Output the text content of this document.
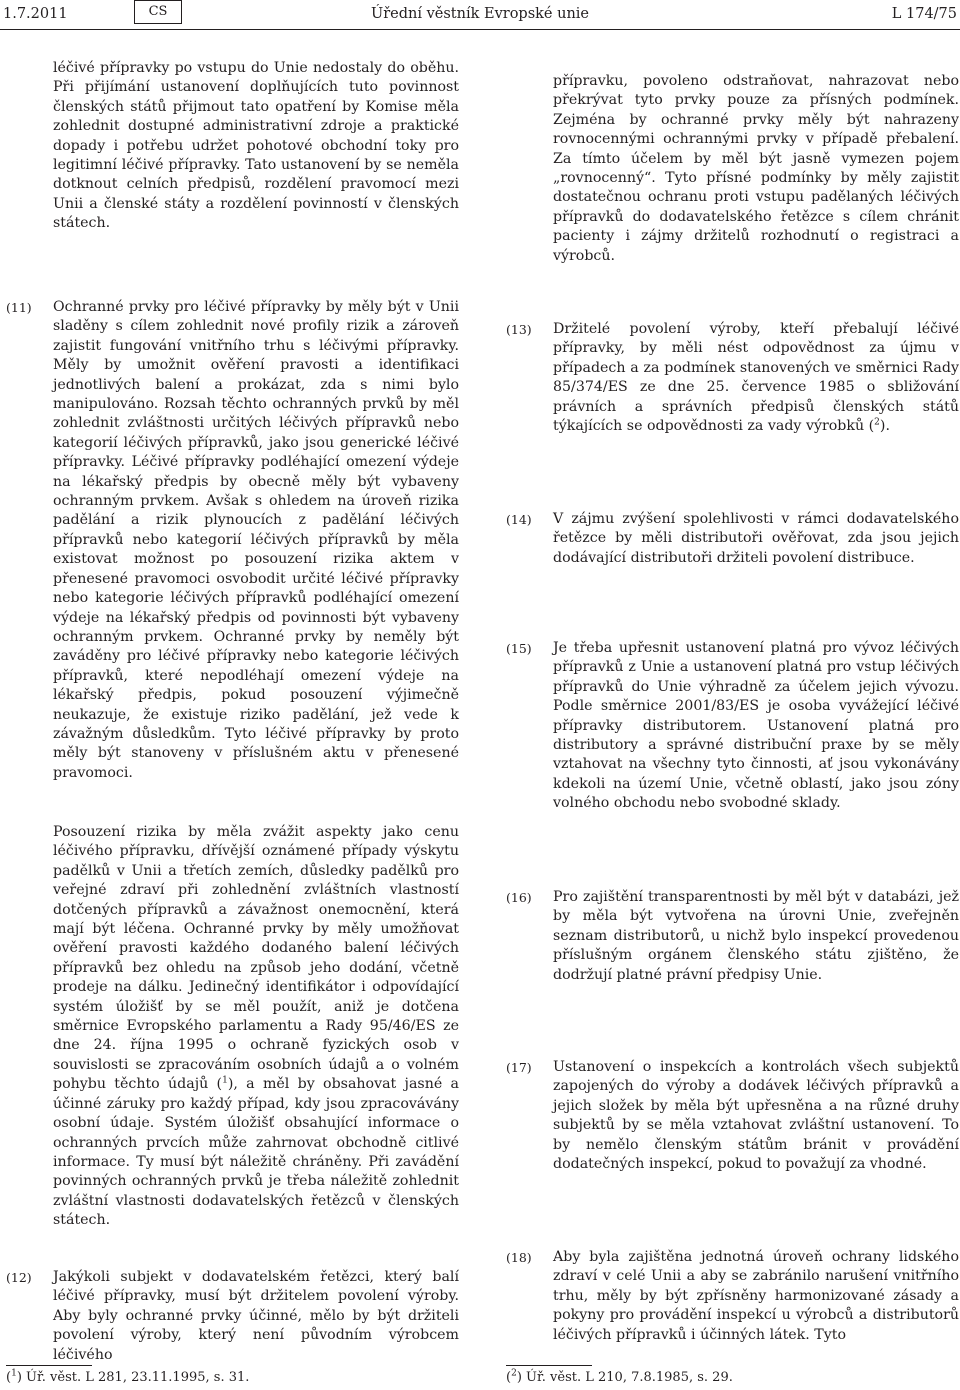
1.7.2011	CS	Úřední věstník Evropské unie	L 174/75
léčivé přípravky po vstupu do Unie nedostaly do oběhu. Při přijímání ustanovení doplňujících tuto povinnost členských států přijmout tato opatření by Komise měla zohlednit dostupné administrativní zdroje a praktické dopady i potřebu udržet pohotové obchodní toky pro legitimní léčivé přípravky. Tato ustanovení by se neměla dotknout celních předpisů, rozdělení pravomocí mezi Unii a členské státy a rozdělení povinností v členských státech.
(11) Ochranné prvky pro léčivé přípravky by měly být v Unii sladěny s cílem zohlednit nové profily rizik a zároveň zajistit fungování vnitřního trhu s léčivými přípravky. Měly by umožnit ověření pravosti a identifikaci jednotlivých balení a prokázat, zda s nimi bylo manipulováno. Rozsah těchto ochranných prvků by měl zohlednit zvláštnosti určitých léčivých přípravků nebo kategorií léčivých přípravků, jako jsou generické léčivé přípravky. Léčivé přípravky podléhající omezení výdeje na lékařský předpis by obecně měly být vybaveny ochranným prvkem. Avšak s ohledem na úroveň rizika padělání a rizik plynoucích z padělání léčivých přípravků nebo kategorií léčivých přípravků by měla existovat možnost po posouzení rizika aktem v přenesené pravomoci osvobodit určité léčivé přípravky nebo kategorie léčivých přípravků podléhající omezení výdeje na lékařský předpis od povinnosti být vybaveny ochranným prvkem. Ochranné prvky by neměly být zaváděny pro léčivé přípravky nebo kategorie léčivých přípravků, které nepodléhají omezení výdeje na lékařský předpis, pokud posouzení výjimečně neukazuje, že existuje riziko padělání, jež vede k závažným důsledkům. Tyto léčivé přípravky by proto měly být stanoveny v příslušném aktu v přenesené pravomoci.
Posouzení rizika by měla zvážit aspekty jako cenu léčivého přípravku, dřívější oznámené případy výskytu padělků v Unii a třetích zemích, důsledky padělků pro veřejné zdraví při zohlednění zvláštních vlastností dotčených přípravků a závažnost onemocnění, která mají být léčena. Ochranné prvky by měly umožňovat ověření pravosti každého dodaného balení léčivých přípravků bez ohledu na způsob jeho dodání, včetně prodeje na dálku. Jedinečný identifikátor i odpovídající systém úložišť by se měl použít, aniž je dotčena směrnice Evropského parlamentu a Rady 95/46/ES ze dne 24. října 1995 o ochraně fyzických osob v souvislosti se zpracováním osobních údajů a o volném pohybu těchto údajů ($^1$), a měl by obsahovat jasné a účinné záruky pro každý případ, kdy jsou zpracovávány osobní údaje. Systém úložišť obsahující informace o ochranných prvcích může zahrnovat obchodně citlivé informace. Ty musí být náležitě chráněny. Při zavádění povinných ochranných prvků je třeba náležitě zohlednit zvláštní vlastnosti dodavatelských řetězců v členských státech.
(12) Jakýkoli subjekt v dodavatelském řetězci, který balí léčivé přípravky, musí být držitelem povolení výroby. Aby byly ochranné prvky účinné, mělo by být držiteli povolení výroby, který není původním výrobcem léčivého
($^1$) Úř. věst. L 281, 23.11.1995, s. 31.
přípravku, povoleno odstraňovat, nahrazovat nebo překrývat tyto prvky pouze za přísných podmínek. Zejména by ochranné prvky měly být nahrazeny rovnocennými ochrannými prvky v případě přebalení. Za tímto účelem by měl být jasně vymezen pojem „rovnocenný“. Tyto přísné podmínky by měly zajistit dostatečnou ochranu proti vstupu padělaných léčivých přípravků do dodavatelského řetězce s cílem chránit pacienty i zájmy držitelů rozhodnutí o registraci a výrobců.
(13) Držitelé povolení výroby, kteří přebalují léčivé přípravky, by měli nést odpovědnost za újmu v případech a za podmínek stanovených ve směrnici Rady 85/374/ES ze dne 25. července 1985 o sbližování právních a správních předpisů členských států týkajících se odpovědnosti za vady výrobků ($^2$).
(14) V zájmu zvýšení spolehlivosti v rámci dodavatelského řetězce by měli distributoři ověřovat, zda jsou jejich dodávající distributoři držiteli povolení distribuce.
(15) Je třeba upřesnit ustanovení platná pro vývoz léčivých přípravků z Unie a ustanovení platná pro vstup léčivých přípravků do Unie výhradně za účelem jejich vývozu. Podle směrnice 2001/83/ES je osoba vyvážející léčivé přípravky distributorem. Ustanovení platná pro distributory a správné distribuční praxe by se měly vztahovat na všechny tyto činnosti, ať jsou vykonávány kdekoli na území Unie, včetně oblastí, jako jsou zóny volného obchodu nebo svobodné sklady.
(16) Pro zajištění transparentnosti by měl být v databázi, jež by měla být vytvořena na úrovni Unie, zveřejněn seznam distributorů, u nichž bylo inspekcí provedenou příslušným orgánem členského státu zjištěno, že dodržují platné právní předpisy Unie.
(17) Ustanovení o inspekcích a kontrolách všech subjektů zapojených do výroby a dodávek léčivých přípravků a jejich složek by měla být upřesněna a na různé druhy subjektů by se měla vztahovat zvláštní ustanovení. To by nemělo členským státům bránit v provádění dodatečných inspekcí, pokud to považují za vhodné.
(18) Aby byla zajištěna jednotná úroveň ochrany lidského zdraví v celé Unii a aby se zabránilo narušení vnitřního trhu, měly by být zpřísněny harmonizované zásady a pokyny pro provádění inspekcí u výrobců a distributorů léčivých přípravků i účinných látek. Tyto
($^2$) Úř. věst. L 210, 7.8.1985, s. 29.
